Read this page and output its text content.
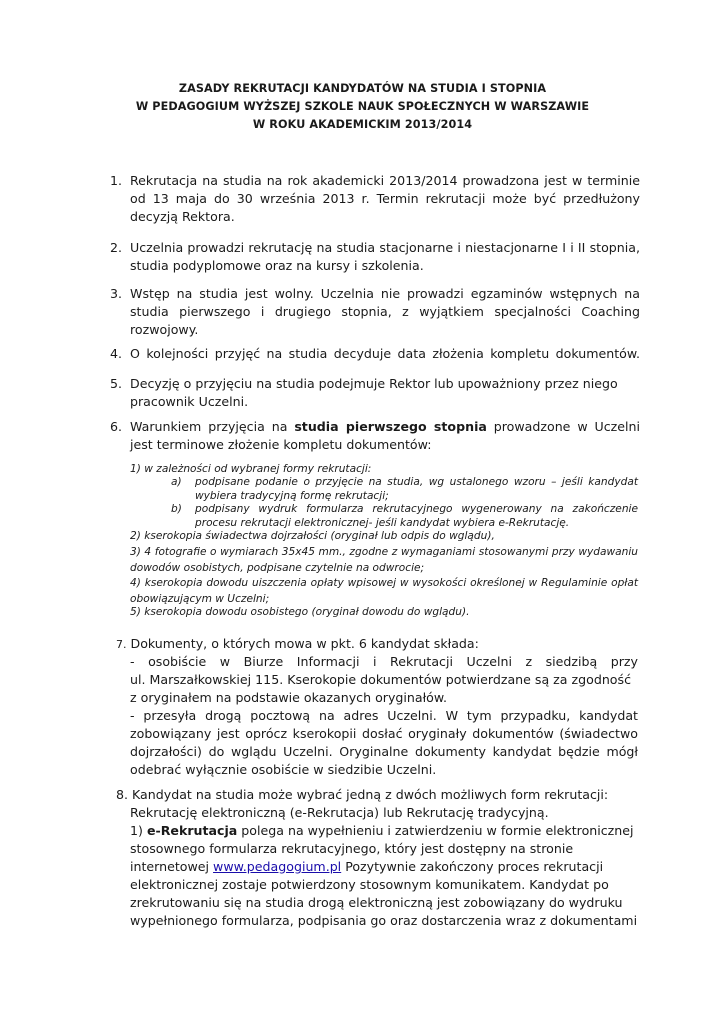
ZASADY REKRUTACJI KANDYDATÓW NA STUDIA I STOPNIA
W PEDAGOGIUM WYŻSZEJ SZKOLE NAUK SPOŁECZNYCH W WARSZAWIE
W ROKU AKADEMICKIM 2013/2014
1. Rekrutacja na studia na rok akademicki 2013/2014 prowadzona jest w terminie od 13 maja do 30 września 2013 r. Termin rekrutacji może być przedłużony decyzją Rektora.
2. Uczelnia prowadzi rekrutację na studia stacjonarne i niestacjonarne I i II stopnia, studia podyplomowe oraz na kursy i szkolenia.
3. Wstęp na studia jest wolny. Uczelnia nie prowadzi egzaminów wstępnych na studia pierwszego i drugiego stopnia, z wyjątkiem specjalności Coaching rozwojowy.
4. O kolejności przyjęć na studia decyduje data złożenia kompletu dokumentów.
5. Decyzję o przyjęciu na studia podejmuje Rektor lub upoważniony przez niego
pracownik Uczelni.
6. Warunkiem przyjęcia na studia pierwszego stopnia prowadzone w Uczelni jest terminowe złożenie kompletu dokumentów:
1) w zależności od wybranej formy rekrutacji:
a) podpisane podanie o przyjęcie na studia, wg ustalonego wzoru – jeśli kandydat wybiera tradycyjną formę rekrutacji;
b) podpisany wydruk formularza rekrutacyjnego wygenerowany na zakończenie procesu rekrutacji elektronicznej- jeśli kandydat wybiera e-Rekrutację.
2) kserokopia świadectwa dojrzałości (oryginał lub odpis do wglądu),
3) 4 fotografie o wymiarach 35x45 mm., zgodne z wymaganiami stosowanymi przy wydawaniu dowodów osobistych, podpisane czytelnie na odwrocie;
4) kserokopia dowodu uiszczenia opłaty wpisowej w wysokości określonej w Regulaminie opłat obowiązującym w Uczelni;
5) kserokopia dowodu osobistego (oryginał dowodu do wglądu).
7. Dokumenty, o których mowa w pkt. 6 kandydat składa:
- osobiście w Biurze Informacji i Rekrutacji Uczelni z siedzibą przy
ul. Marszałkowskiej 115. Kserokopie dokumentów potwierdzane są za zgodność
z oryginałem na podstawie okazanych oryginałów.
- przesyła drogą pocztową na adres Uczelni. W tym przypadku, kandydat zobowiązany jest oprócz kserokopii dosłać oryginały dokumentów (świadectwo dojrzałości) do wglądu Uczelni. Oryginalne dokumenty kandydat będzie mógł odebrać wyłącznie osobiście w siedzibie Uczelni.
8. Kandydat na studia może wybrać jedną z dwóch możliwych form rekrutacji:
Rekrutację elektroniczną (e-Rekrutacja) lub Rekrutację tradycyjną.
1) e-Rekrutacja polega na wypełnieniu i zatwierdzeniu w formie elektronicznej
stosownego formularza rekrutacyjnego, który jest dostępny na stronie
internetowej www.pedagogium.pl Pozytywnie zakończony proces rekrutacji
elektronicznej zostaje potwierdzony stosownym komunikatem. Kandydat po
zrekrutowaniu się na studia drogą elektroniczną jest zobowiązany do wydruku
wypełnionego formularza, podpisania go oraz dostarczenia wraz z dokumentami
